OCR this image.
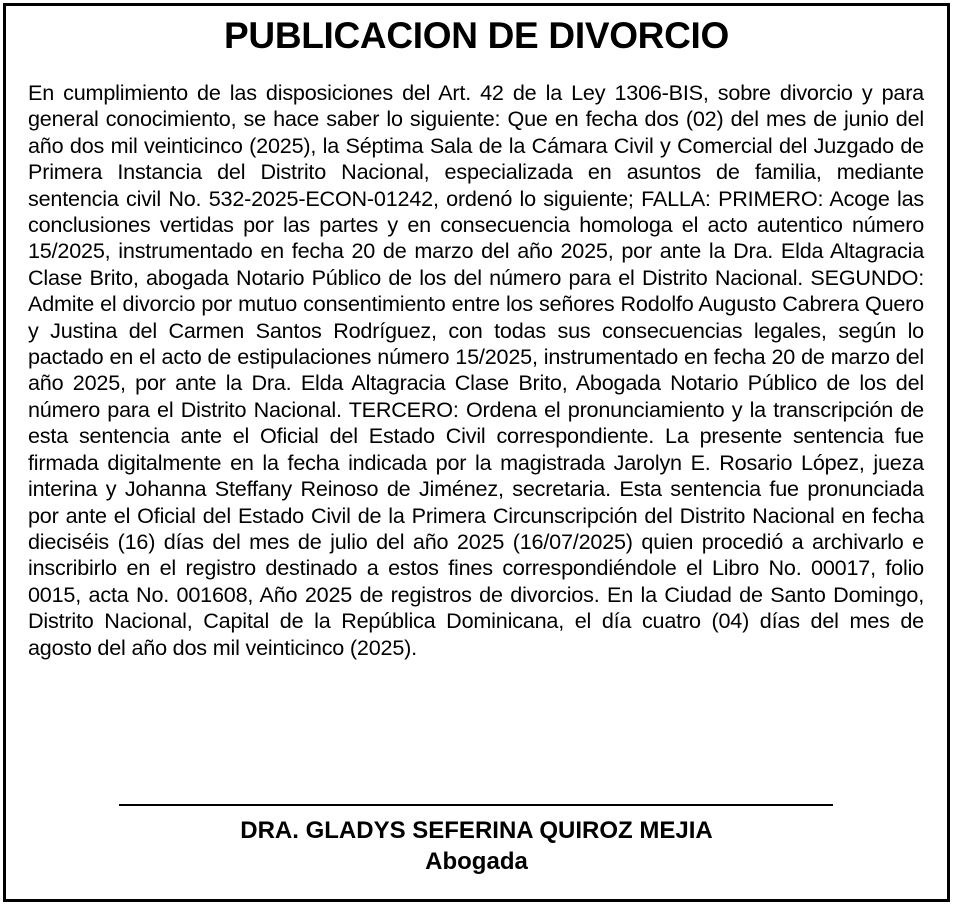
PUBLICACION DE DIVORCIO

En cumplimiento de las disposiciones del Art. 42 de la Ley 1306-BIS, sobre divorcio y para general conocimiento, se hace saber lo siguiente: Que en fecha dos (02) del mes de junio del año dos mil veinticinco (2025), la Séptima Sala de la Cámara Civil y Comercial del Juzgado de Primera Instancia del Distrito Nacional, especializada en asuntos de familia, mediante sentencia civil No. 532-2025-ECON-01242, ordenó lo siguiente; FALLA: PRIMERO: Acoge las conclusiones vertidas por las partes y en consecuencia homologa el acto autentico número 15/2025, instrumentado en fecha 20 de marzo del año 2025, por ante la Dra. Elda Altagracia Clase Brito, abogada Notario Público de los del número para el Distrito Nacional. SEGUNDO: Admite el divorcio por mutuo consentimiento entre los señores Rodolfo Augusto Cabrera Quero y Justina del Carmen Santos Rodríguez, con todas sus consecuencias legales, según lo pactado en el acto de estipulaciones número 15/2025, instrumentado en fecha 20 de marzo del año 2025, por ante la Dra. Elda Altagracia Clase Brito, Abogada Notario Público de los del número para el Distrito Nacional. TERCERO: Ordena el pronunciamiento y la transcripción de esta sentencia ante el Oficial del Estado Civil correspondiente. La presente sentencia fue firmada digitalmente en la fecha indicada por la magistrada Jarolyn E. Rosario López, jueza interina y Johanna Steffany Reinoso de Jiménez, secretaria. Esta sentencia fue pronunciada por ante el Oficial del Estado Civil de la Primera Circunscripción del Distrito Nacional en fecha dieciséis (16) días del mes de julio del año 2025 (16/07/2025) quien procedió a archivarlo e inscribirlo en el registro destinado a estos fines correspondiéndole el Libro No. 00017, folio 0015, acta No. 001608, Año 2025 de registros de divorcios. En la Ciudad de Santo Domingo, Distrito Nacional, Capital de la República Dominicana, el día cuatro (04) días del mes de agosto del año dos mil veinticinco (2025).

DRA. GLADYS SEFERINA QUIROZ MEJIA
Abogada
